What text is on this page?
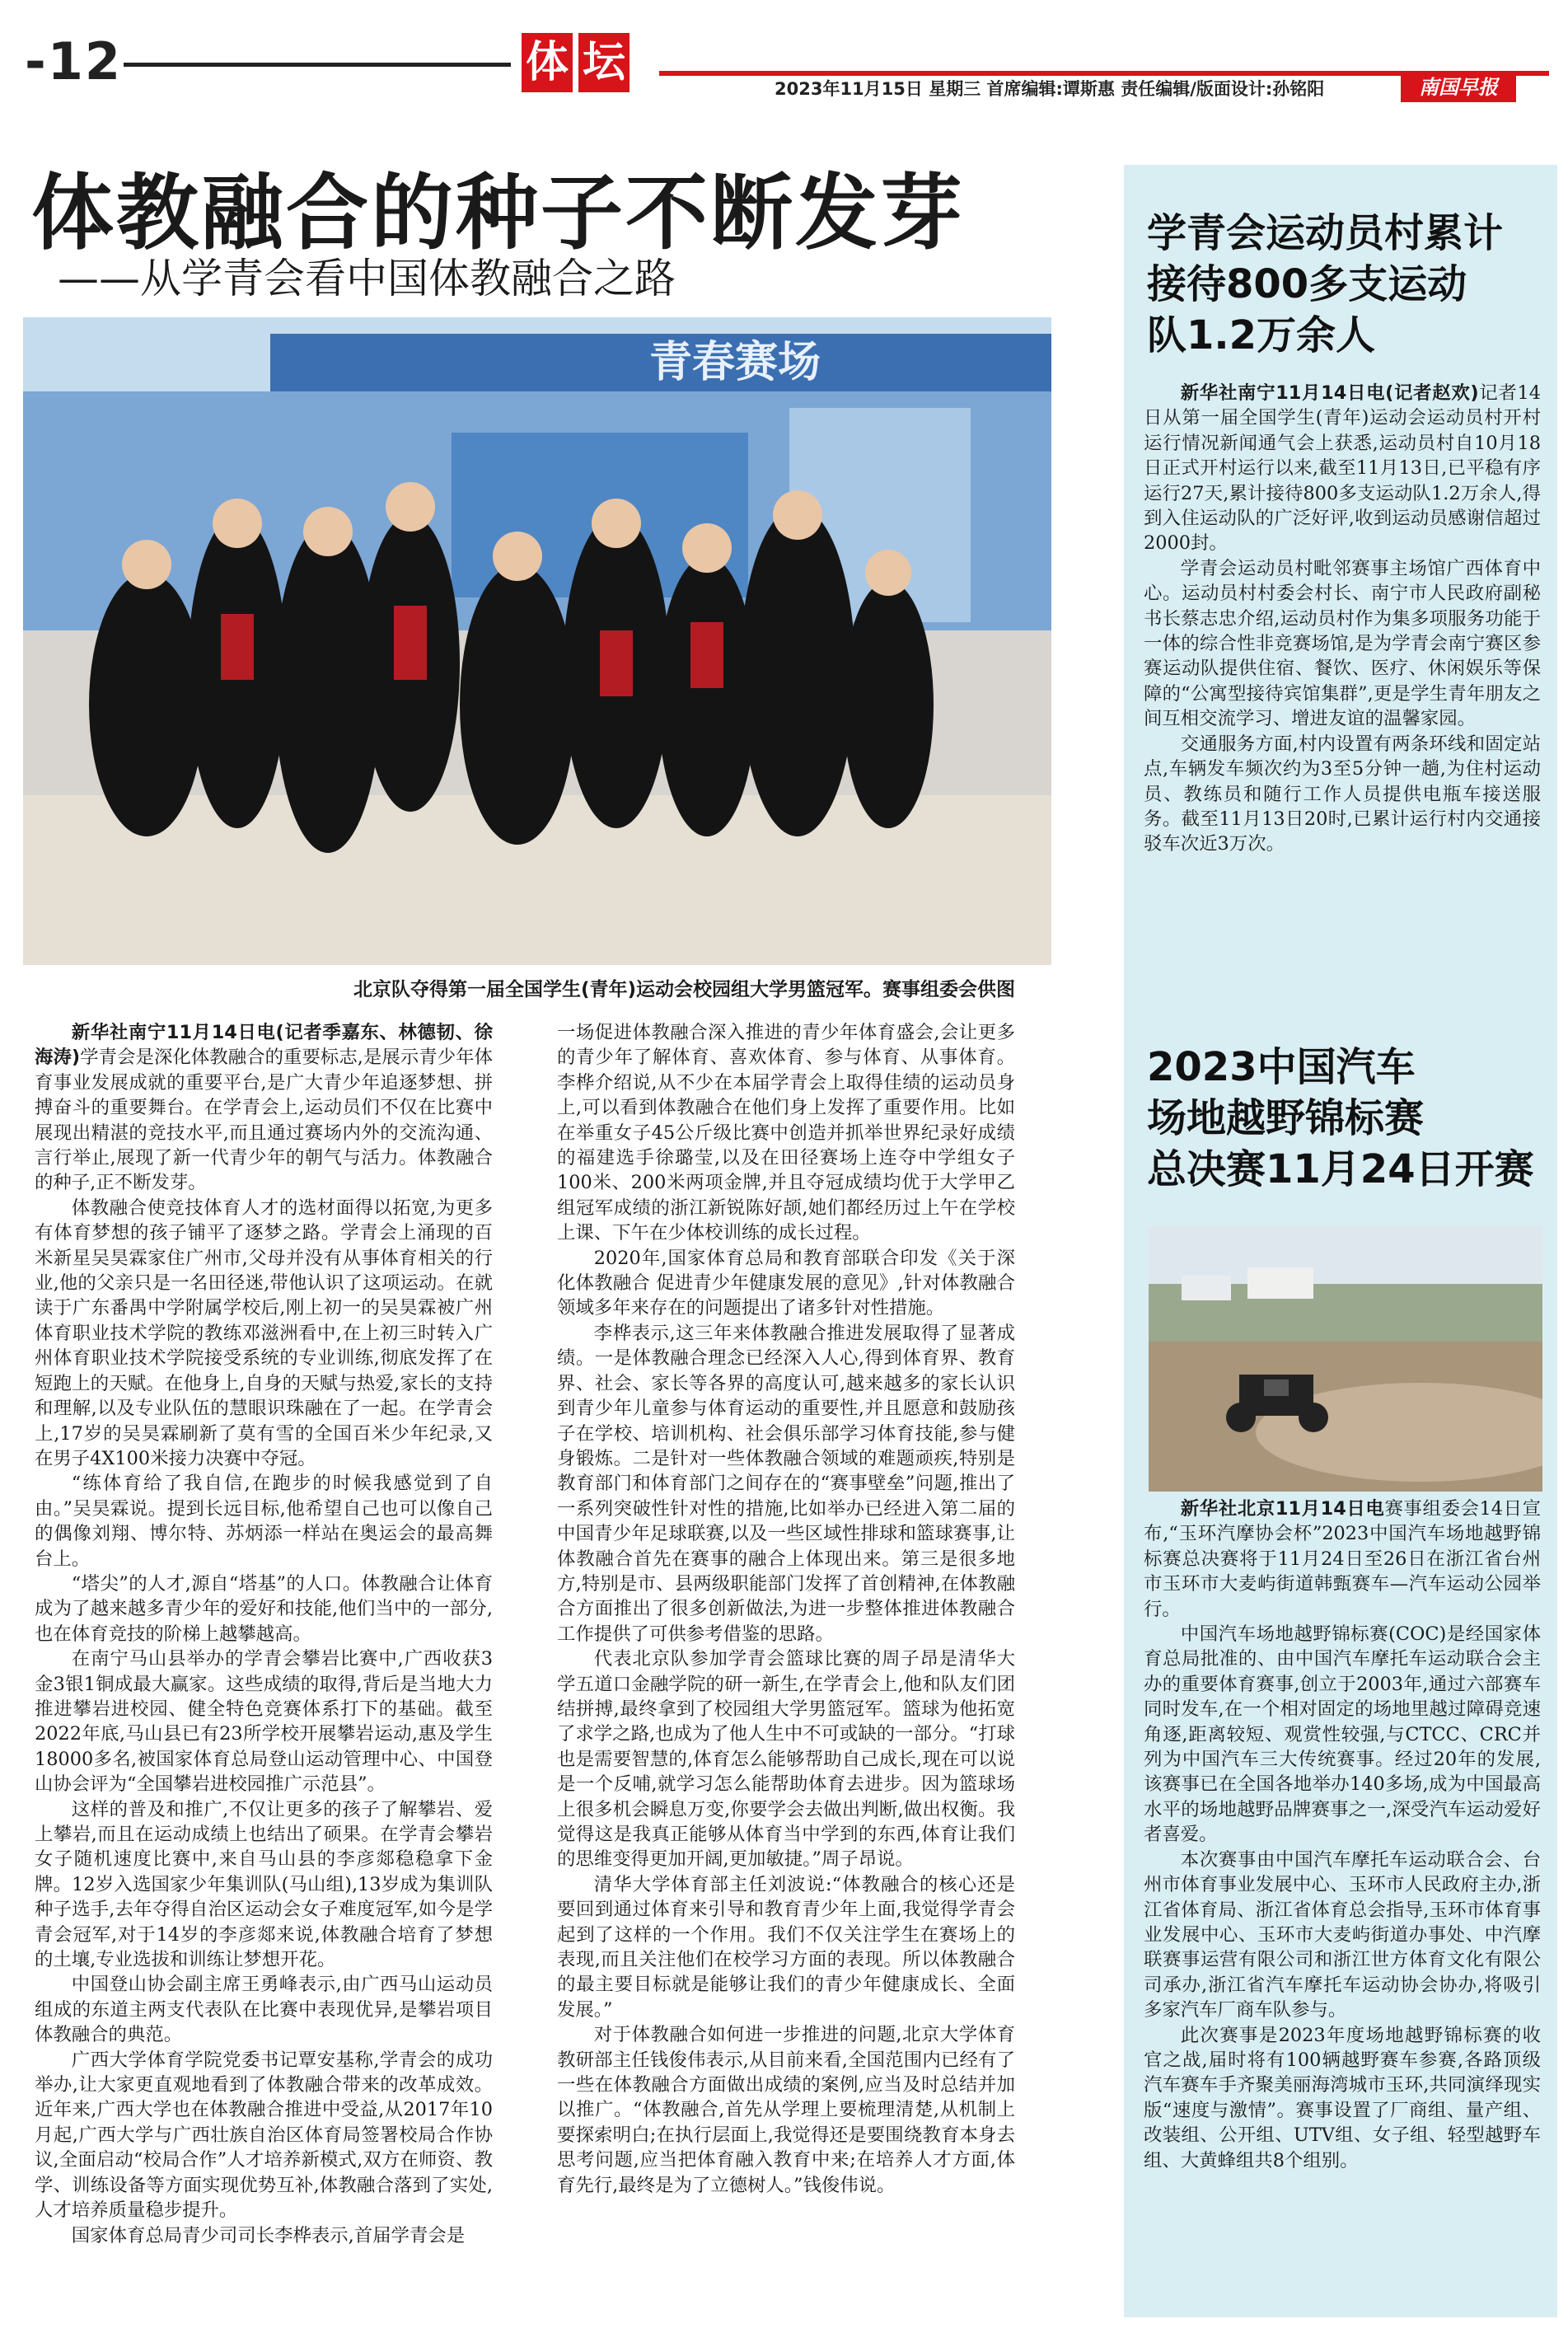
-12	体 坛
2023年11月15日 星期三 首席编辑:谭斯惠 责任编辑/版面设计:孙铭阳	南国早报
体教融合的种子不断发芽
——从学青会看中国体教融合之路
青春赛场
北京队夺得第一届全国学生(青年)运动会校园组大学男篮冠军。赛事组委会供图

新华社南宁11月14日电(记者季嘉东、林德韧、徐海涛)学青会是深化体教融合的重要标志,是展示青少年体育事业发展成就的重要平台,是广大青少年追逐梦想、拼搏奋斗的重要舞台。在学青会上,运动员们不仅在比赛中展现出精湛的竞技水平,而且通过赛场内外的交流沟通、言行举止,展现了新一代青少年的朝气与活力。体教融合的种子,正不断发芽。

体教融合使竞技体育人才的选材面得以拓宽,为更多有体育梦想的孩子铺平了逐梦之路。学青会上涌现的百米新星吴昊霖家住广州市,父母并没有从事体育相关的行业,他的父亲只是一名田径迷,带他认识了这项运动。在就读于广东番禺中学附属学校后,刚上初一的吴昊霖被广州体育职业技术学院的教练邓滋洲看中,在上初三时转入广州体育职业技术学院接受系统的专业训练,彻底发挥了在短跑上的天赋。在他身上,自身的天赋与热爱,家长的支持和理解,以及专业队伍的慧眼识珠融在了一起。在学青会上,17岁的吴昊霖刷新了莫有雪的全国百米少年纪录,又在男子4X100米接力决赛中夺冠。

“练体育给了我自信,在跑步的时候我感觉到了自由。”吴昊霖说。提到长远目标,他希望自己也可以像自己的偶像刘翔、博尔特、苏炳添一样站在奥运会的最高舞台上。

“塔尖”的人才,源自“塔基”的人口。体教融合让体育成为了越来越多青少年的爱好和技能,他们当中的一部分,也在体育竞技的阶梯上越攀越高。

在南宁马山县举办的学青会攀岩比赛中,广西收获3金3银1铜成最大赢家。这些成绩的取得,背后是当地大力推进攀岩进校园、健全特色竞赛体系打下的基础。截至2022年底,马山县已有23所学校开展攀岩运动,惠及学生18000多名,被国家体育总局登山运动管理中心、中国登山协会评为“全国攀岩进校园推广示范县”。

这样的普及和推广,不仅让更多的孩子了解攀岩、爱上攀岩,而且在运动成绩上也结出了硕果。在学青会攀岩女子随机速度比赛中,来自马山县的李彦郯稳稳拿下金牌。12岁入选国家少年集训队(马山组),13岁成为集训队种子选手,去年夺得自治区运动会女子难度冠军,如今是学青会冠军,对于14岁的李彦郯来说,体教融合培育了梦想的土壤,专业选拔和训练让梦想开花。

中国登山协会副主席王勇峰表示,由广西马山运动员组成的东道主两支代表队在比赛中表现优异,是攀岩项目体教融合的典范。

广西大学体育学院党委书记覃安基称,学青会的成功举办,让大家更直观地看到了体教融合带来的改革成效。近年来,广西大学也在体教融合推进中受益,从2017年10月起,广西大学与广西壮族自治区体育局签署校局合作协议,全面启动“校局合作”人才培养新模式,双方在师资、教学、训练设备等方面实现优势互补,体教融合落到了实处,人才培养质量稳步提升。

国家体育总局青少司司长李桦表示,首届学青会是

一场促进体教融合深入推进的青少年体育盛会,会让更多的青少年了解体育、喜欢体育、参与体育、从事体育。李桦介绍说,从不少在本届学青会上取得佳绩的运动员身上,可以看到体教融合在他们身上发挥了重要作用。比如在举重女子45公斤级比赛中创造并抓举世界纪录好成绩的福建选手徐璐莹,以及在田径赛场上连夺中学组女子100米、200米两项金牌,并且夺冠成绩均优于大学甲乙组冠军成绩的浙江新锐陈好颉,她们都经历过上午在学校上课、下午在少体校训练的成长过程。

2020年,国家体育总局和教育部联合印发《关于深化体教融合 促进青少年健康发展的意见》,针对体教融合领域多年来存在的问题提出了诸多针对性措施。

李桦表示,这三年来体教融合推进发展取得了显著成绩。一是体教融合理念已经深入人心,得到体育界、教育界、社会、家长等各界的高度认可,越来越多的家长认识到青少年儿童参与体育运动的重要性,并且愿意和鼓励孩子在学校、培训机构、社会俱乐部学习体育技能,参与健身锻炼。二是针对一些体教融合领域的难题顽疾,特别是教育部门和体育部门之间存在的“赛事壁垒”问题,推出了一系列突破性针对性的措施,比如举办已经进入第二届的中国青少年足球联赛,以及一些区域性排球和篮球赛事,让体教融合首先在赛事的融合上体现出来。第三是很多地方,特别是市、县两级职能部门发挥了首创精神,在体教融合方面推出了很多创新做法,为进一步整体推进体教融合工作提供了可供参考借鉴的思路。

代表北京队参加学青会篮球比赛的周子昂是清华大学五道口金融学院的研一新生,在学青会上,他和队友们团结拼搏,最终拿到了校园组大学男篮冠军。篮球为他拓宽了求学之路,也成为了他人生中不可或缺的一部分。“打球也是需要智慧的,体育怎么能够帮助自己成长,现在可以说是一个反哺,就学习怎么能帮助体育去进步。因为篮球场上很多机会瞬息万变,你要学会去做出判断,做出权衡。我觉得这是我真正能够从体育当中学到的东西,体育让我们的思维变得更加开阔,更加敏捷。”周子昂说。

清华大学体育部主任刘波说:“体教融合的核心还是要回到通过体育来引导和教育青少年上面,我觉得学青会起到了这样的一个作用。我们不仅关注学生在赛场上的表现,而且关注他们在校学习方面的表现。所以体教融合的最主要目标就是能够让我们的青少年健康成长、全面发展。”

对于体教融合如何进一步推进的问题,北京大学体育教研部主任钱俊伟表示,从目前来看,全国范围内已经有了一些在体教融合方面做出成绩的案例,应当及时总结并加以推广。“体教融合,首先从学理上要梳理清楚,从机制上要探索明白;在执行层面上,我觉得还是要围绕教育本身去思考问题,应当把体育融入教育中来;在培养人才方面,体育先行,最终是为了立德树人。”钱俊伟说。

学青会运动员村累计
接待800多支运动
队1.2万余人

新华社南宁11月14日电(记者赵欢)记者14日从第一届全国学生(青年)运动会运动员村开村运行情况新闻通气会上获悉,运动员村自10月18日正式开村运行以来,截至11月13日,已平稳有序运行27天,累计接待800多支运动队1.2万余人,得到入住运动队的广泛好评,收到运动员感谢信超过2000封。

学青会运动员村毗邻赛事主场馆广西体育中心。运动员村村委会村长、南宁市人民政府副秘书长蔡志忠介绍,运动员村作为集多项服务功能于一体的综合性非竞赛场馆,是为学青会南宁赛区参赛运动队提供住宿、餐饮、医疗、休闲娱乐等保障的“公寓型接待宾馆集群”,更是学生青年朋友之间互相交流学习、增进友谊的温馨家园。

交通服务方面,村内设置有两条环线和固定站点,车辆发车频次约为3至5分钟一趟,为住村运动员、教练员和随行工作人员提供电瓶车接送服务。截至11月13日20时,已累计运行村内交通接驳车次近3万次。

2023中国汽车
场地越野锦标赛
总决赛11月24日开赛

新华社北京11月14日电赛事组委会14日宣布,“玉环汽摩协会杯”2023中国汽车场地越野锦标赛总决赛将于11月24日至26日在浙江省台州市玉环市大麦屿街道韩甄赛车—汽车运动公园举行。

中国汽车场地越野锦标赛(COC)是经国家体育总局批准的、由中国汽车摩托车运动联合会主办的重要体育赛事,创立于2003年,通过六部赛车同时发车,在一个相对固定的场地里越过障碍竞速角逐,距离较短、观赏性较强,与CTCC、CRC并列为中国汽车三大传统赛事。经过20年的发展,该赛事已在全国各地举办140多场,成为中国最高水平的场地越野品牌赛事之一,深受汽车运动爱好者喜爱。

本次赛事由中国汽车摩托车运动联合会、台州市体育事业发展中心、玉环市人民政府主办,浙江省体育局、浙江省体育总会指导,玉环市体育事业发展中心、玉环市大麦屿街道办事处、中汽摩联赛事运营有限公司和浙江世方体育文化有限公司承办,浙江省汽车摩托车运动协会协办,将吸引多家汽车厂商车队参与。

此次赛事是2023年度场地越野锦标赛的收官之战,届时将有100辆越野赛车参赛,各路顶级汽车赛车手齐聚美丽海湾城市玉环,共同演绎现实版“速度与激情”。赛事设置了厂商组、量产组、改装组、公开组、UTV组、女子组、轻型越野车组、大黄蜂组共8个组别。
